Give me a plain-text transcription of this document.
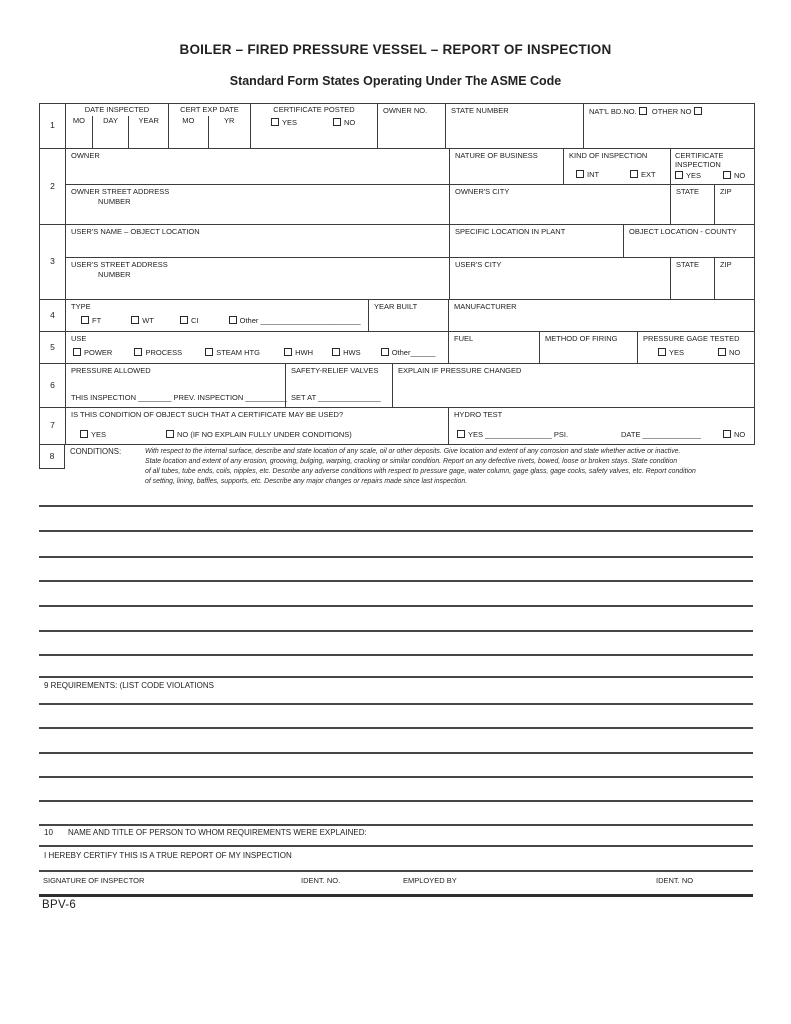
BOILER – FIRED PRESSURE VESSEL – REPORT OF INSPECTION
Standard Form States Operating Under The ASME Code
1
DATE INSPECTED
MO	DAY	YEAR
CERT EXP DATE
MO	YR
CERTIFICATE POSTED
YES	NO
OWNER NO.	STATE NUMBER	NAT'L BD.NO. OTHER NO
2
OWNER	NATURE OF BUSINESS	KIND OF INSPECTION
INT	EXT
CERTIFICATE
INSPECTION
YES	NO
OWNER STREET ADDRESS
NUMBER
OWNER'S CITY	STATE	ZIP
3
USER'S NAME – OBJECT LOCATION	SPECIFIC LOCATION IN PLANT	OBJECT LOCATION - COUNTY
USER'S STREET ADDRESS
NUMBER
USER'S CITY	STATE	ZIP
4
TYPE
FT	WT	CI	Other ________________________
YEAR BUILT	MANUFACTURER
5
USE
POWER	PROCESS	STEAM HTG	HWH	HWS	Other______
FUEL	METHOD OF FIRING	PRESSURE GAGE TESTED
YES	NO
6
PRESSURE ALLOWED
THIS INSPECTION ________ PREV. INSPECTION __________
SAFETY-RELIEF VALVES
SET AT _______________
EXPLAIN IF PRESSURE CHANGED
7
IS THIS CONDITION OF OBJECT SUCH THAT A CERTIFICATE MAY BE USED?
YES	NO (IF NO EXPLAIN FULLY UNDER CONDITIONS)
HYDRO TEST
YES ________________ PSI.	DATE ______________	NO
8	CONDITIONS:	With respect to the internal surface, describe and state location of any scale, oil or other deposits. Give location and extent of any corrosion and state whether active or inactive.
State location and extent of any erosion, grooving, bulging, warping, cracking or similar condition. Report on any defective rivets, bowed, loose or broken stays. State condition
of all tubes, tube ends, coils, nipples, etc. Describe any adverse conditions with respect to pressure gage, water column, gage glass, gage cocks, safety valves, etc. Report condition
of setting, lining, baffles, supports, etc. Describe any major changes or repairs made since last inspection.
9 REQUIREMENTS: (LIST CODE VIOLATIONS
10 NAME AND TITLE OF PERSON TO WHOM REQUIREMENTS WERE EXPLAINED:
I HEREBY CERTIFY THIS IS A TRUE REPORT OF MY INSPECTION
SIGNATURE OF INSPECTOR	IDENT. NO.	EMPLOYED BY	IDENT. NO
BPV-6
